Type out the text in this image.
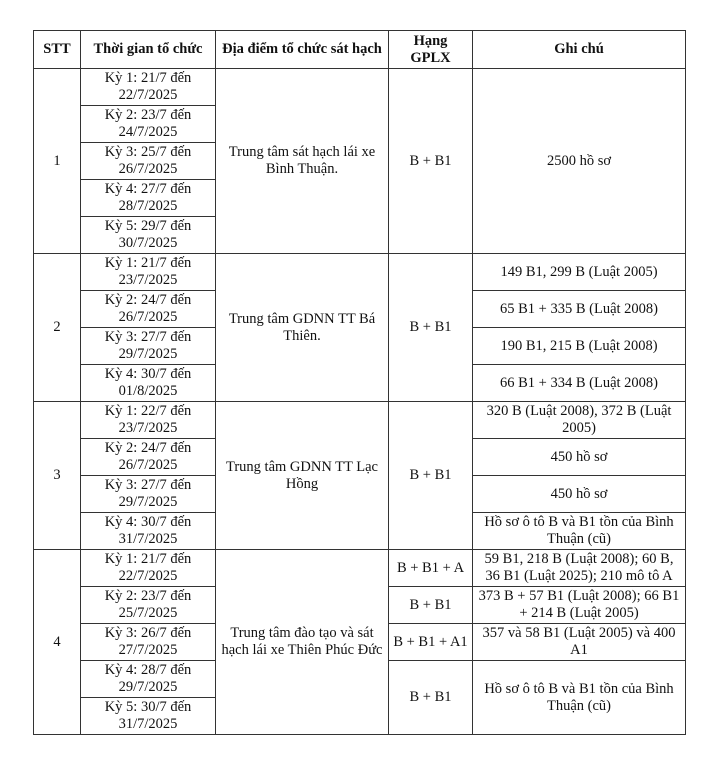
STT	Thời gian tổ chức	Địa điểm tổ chức sát hạch	Hạng GPLX	Ghi chú
1	Kỳ 1: 21/7 đến 22/7/2025	Trung tâm sát hạch lái xe Bình Thuận.	B + B1	2500 hồ sơ
	Kỳ 2: 23/7 đến 24/7/2025			
	Kỳ 3: 25/7 đến 26/7/2025			
	Kỳ 4: 27/7 đến 28/7/2025			
	Kỳ 5: 29/7 đến 30/7/2025			
2	Kỳ 1: 21/7 đến 23/7/2025	Trung tâm GDNN TT Bá Thiên.	B + B1	149 B1, 299 B (Luật 2005)
	Kỳ 2: 24/7 đến 26/7/2025			65 B1 + 335 B (Luật 2008)
	Kỳ 3: 27/7 đến 29/7/2025			190 B1, 215 B (Luật 2008)
	Kỳ 4: 30/7 đến 01/8/2025			66 B1 + 334 B (Luật 2008)
3	Kỳ 1: 22/7 đến 23/7/2025	Trung tâm GDNN TT Lạc Hồng	B + B1	320 B (Luật 2008), 372 B (Luật 2005)
	Kỳ 2: 24/7 đến 26/7/2025			450 hồ sơ
	Kỳ 3: 27/7 đến 29/7/2025			450 hồ sơ
	Kỳ 4: 30/7 đến 31/7/2025			Hồ sơ ô tô B và B1 tồn của Bình Thuận (cũ)
4	Kỳ 1: 21/7 đến 22/7/2025	Trung tâm đào tạo và sát hạch lái xe Thiên Phúc Đức	B + B1 + A	59 B1, 218 B (Luật 2008); 60 B, 36 B1 (Luật 2025); 210 mô tô A
	Kỳ 2: 23/7 đến 25/7/2025		B + B1	373 B + 57 B1 (Luật 2008); 66 B1 + 214 B (Luật 2005)
	Kỳ 3: 26/7 đến 27/7/2025		B + B1 + A1	357 và 58 B1 (Luật 2005) và 400 A1
	Kỳ 4: 28/7 đến 29/7/2025		B + B1	Hồ sơ ô tô B và B1 tồn của Bình Thuận (cũ)
	Kỳ 5: 30/7 đến 31/7/2025			
